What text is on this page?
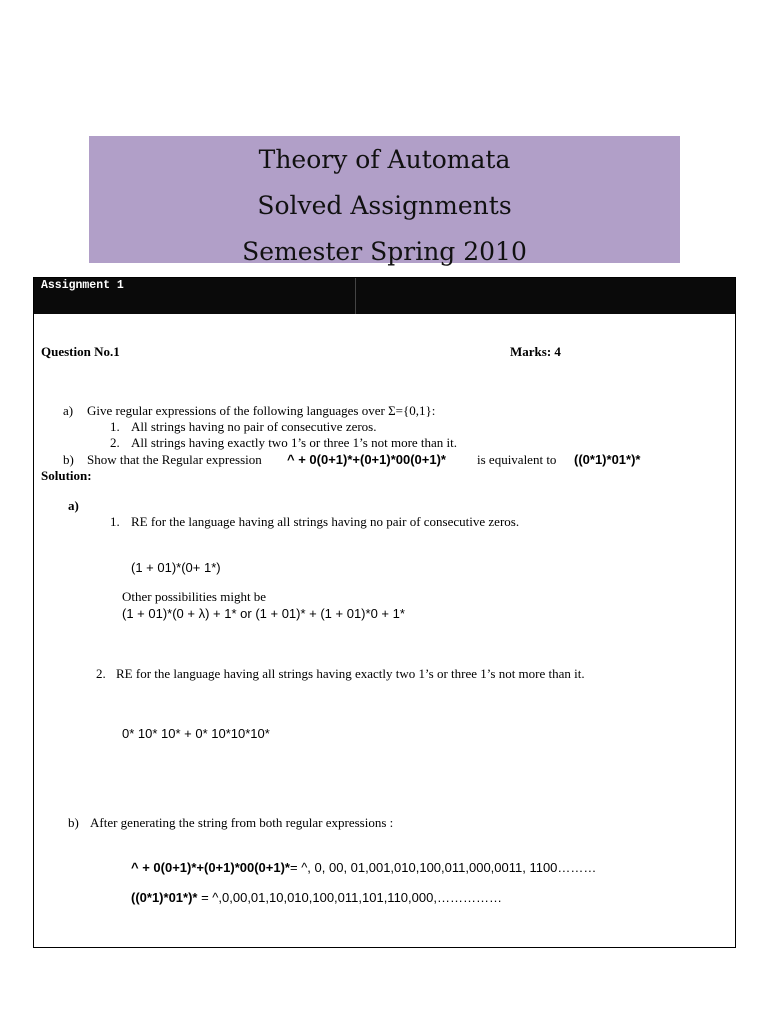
Theory of Automata
Solved Assignments
Semester Spring 2010
Assignment 1
Question No.1	Marks: 4
a) Give regular expressions of the following languages over Σ={0,1}:
1. All strings having no pair of consecutive zeros.
2. All strings having exactly two 1’s or three 1’s not more than it.
b) Show that the Regular expression ^ + 0(0+1)*+(0+1)*00(0+1)* is equivalent to ((0*1)*01*)*
Solution:
a)
1. RE for the language having all strings having no pair of consecutive zeros.
(1 + 01)*(0+ 1*)
Other possibilities might be
(1 + 01)*(0 + λ) + 1* or (1 + 01)* + (1 + 01)*0 + 1*
2. RE for the language having all strings having exactly two 1’s or three 1’s not more than it.
0* 10* 10* + 0* 10*10*10*
b) After generating the string from both regular expressions :
^ + 0(0+1)*+(0+1)*00(0+1)*= ^, 0, 00, 01,001,010,100,011,000,0011, 1100………
((0*1)*01*)* = ^,0,00,01,10,010,100,011,101,110,000,……………
